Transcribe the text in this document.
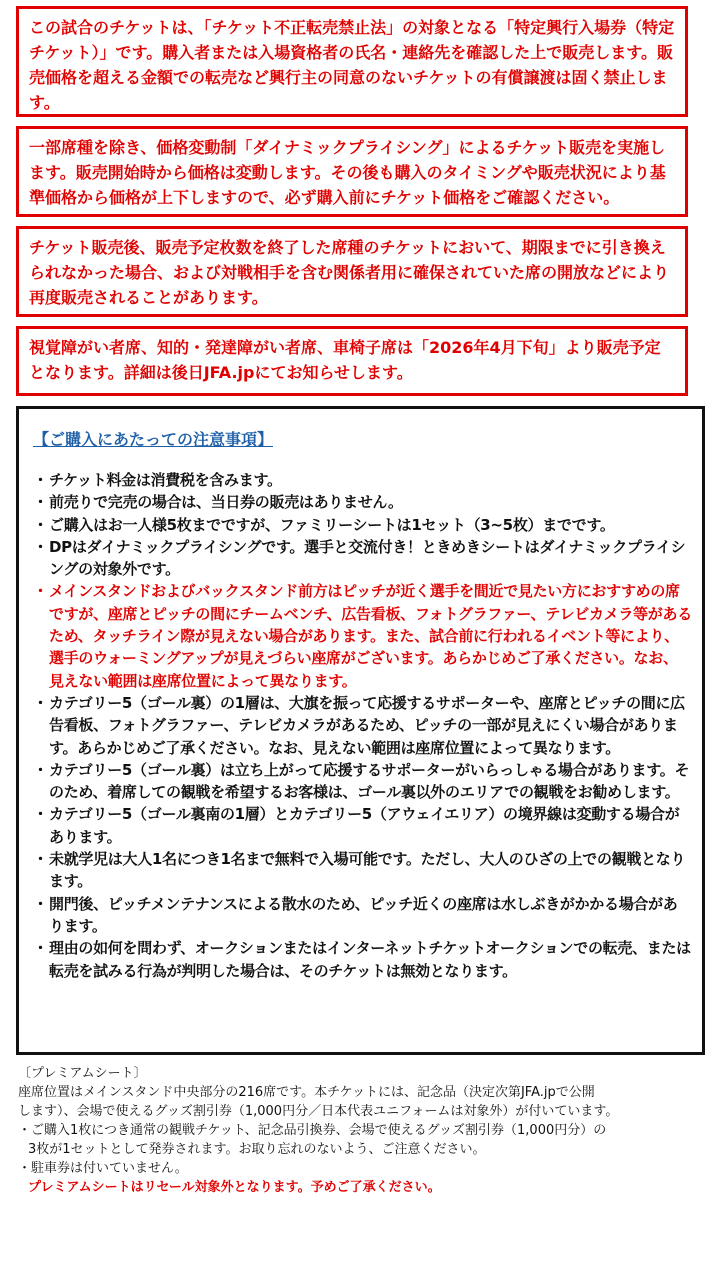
この試合のチケットは、「チケット不正転売禁止法」の対象となる「特定興行入場券（特定チケット）」です。購入者または入場資格者の氏名・連絡先を確認した上で販売します。販売価格を超える金額での転売など興行主の同意のないチケットの有償譲渡は固く禁止します。
一部席種を除き、価格変動制「ダイナミックプライシング」によるチケット販売を実施します。販売開始時から価格は変動します。その後も購入のタイミングや販売状況により基準価格から価格が上下しますので、必ず購入前にチケット価格をご確認ください。
チケット販売後、販売予定枚数を終了した席種のチケットにおいて、期限までに引き換えられなかった場合、および対戦相手を含む関係者用に確保されていた席の開放などにより再度販売されることがあります。
視覚障がい者席、知的・発達障がい者席、車椅子席は「2026年4月下旬」より販売予定となります。詳細は後日JFA.jpにてお知らせします。
【ご購入にあたっての注意事項】
・ チケット料金は消費税を含みます。
・ 前売りで完売の場合は、当日券の販売はありません。
・ ご購入はお一人様5枚までですが、ファミリーシートは1セット（3~5枚）までです。
・ DPはダイナミックプライシングです。選手と交流付き！ときめきシートはダイナミックプライシングの対象外です。
・ メインスタンドおよびバックスタンド前方はピッチが近く選手を間近で見たい方におすすめの席ですが、座席とピッチの間にチームベンチ、広告看板、フォトグラファー、テレビカメラ等があるため、タッチライン際が見えない場合があります。また、試合前に行われるイベント等により、選手のウォーミングアップが見えづらい座席がございます。あらかじめご了承ください。なお、見えない範囲は座席位置によって異なります。
・ カテゴリー5（ゴール裏）の1層は、大旗を振って応援するサポーターや、座席とピッチの間に広告看板、フォトグラファー、テレビカメラがあるため、ピッチの一部が見えにくい場合があります。あらかじめご了承ください。なお、見えない範囲は座席位置によって異なります。
・ カテゴリー5（ゴール裏）は立ち上がって応援するサポーターがいらっしゃる場合があります。そのため、着席しての観戦を希望するお客様は、ゴール裏以外のエリアでの観戦をお勧めします。
・ カテゴリー5（ゴール裏南の1層）とカテゴリー5（アウェイエリア）の境界線は変動する場合があります。
・ 未就学児は大人1名につき1名まで無料で入場可能です。ただし、大人のひざの上での観戦となります。
・ 開門後、ピッチメンテナンスによる散水のため、ピッチ近くの座席は水しぶきがかかる場合があります。
・ 理由の如何を問わず、オークションまたはインターネットチケットオークションでの転売、または転売を試みる行為が判明した場合は、そのチケットは無効となります。
〔プレミアムシート〕
座席位置はメインスタンド中央部分の216席です。本チケットには、記念品（決定次第JFA.jpで公開
します）、会場で使えるグッズ割引券（1,000円分／日本代表ユニフォームは対象外）が付いています。
・ご購入1枚につき通常の観戦チケット、記念品引換券、会場で使えるグッズ割引券（1,000円分）の
3枚が1セットとして発券されます。お取り忘れのないよう、ご注意ください。
・駐車券は付いていません。
プレミアムシートはリセール対象外となります。予めご了承ください。
